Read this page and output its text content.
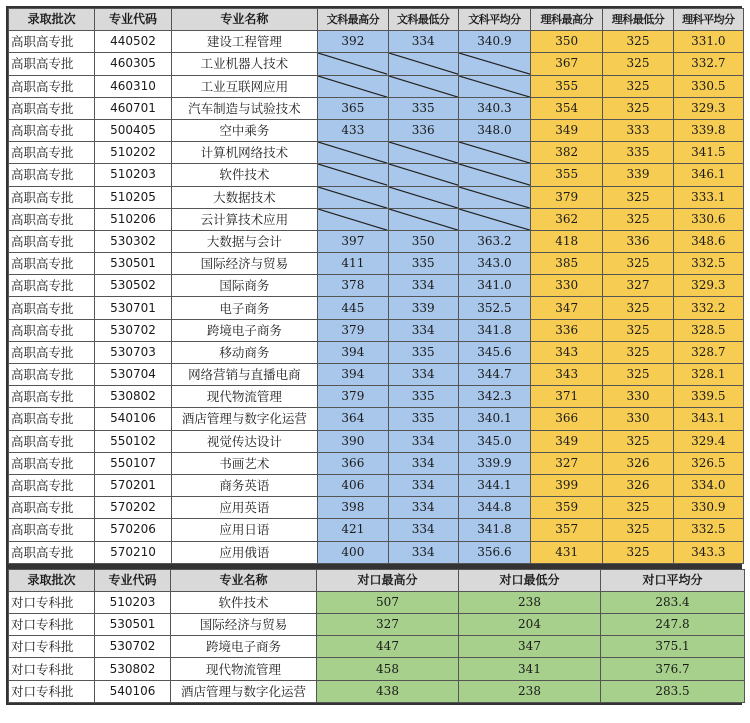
录取批次	专业代码	专业名称	文科最高分	文科最低分	文科平均分	理科最高分	理科最低分	理科平均分
高职高专批	440502	建设工程管理	392	334	340.9	350	325	331.0
高职高专批	460305	工业机器人技术				367	325	332.7
高职高专批	460310	工业互联网应用				355	325	330.5
高职高专批	460701	汽车制造与试验技术	365	335	340.3	354	325	329.3
高职高专批	500405	空中乘务	433	336	348.0	349	333	339.8
高职高专批	510202	计算机网络技术				382	335	341.5
高职高专批	510203	软件技术				355	339	346.1
高职高专批	510205	大数据技术				379	325	333.1
高职高专批	510206	云计算技术应用				362	325	330.6
高职高专批	530302	大数据与会计	397	350	363.2	418	336	348.6
高职高专批	530501	国际经济与贸易	411	335	343.0	385	325	332.5
高职高专批	530502	国际商务	378	334	341.0	330	327	329.3
高职高专批	530701	电子商务	445	339	352.5	347	325	332.2
高职高专批	530702	跨境电子商务	379	334	341.8	336	325	328.5
高职高专批	530703	移动商务	394	335	345.6	343	325	328.7
高职高专批	530704	网络营销与直播电商	394	334	344.7	343	325	328.1
高职高专批	530802	现代物流管理	379	335	342.3	371	330	339.5
高职高专批	540106	酒店管理与数字化运营	364	335	340.1	366	330	343.1
高职高专批	550102	视觉传达设计	390	334	345.0	349	325	329.4
高职高专批	550107	书画艺术	366	334	339.9	327	326	326.5
高职高专批	570201	商务英语	406	334	344.1	399	326	334.0
高职高专批	570202	应用英语	398	334	344.8	359	325	330.9
高职高专批	570206	应用日语	421	334	341.8	357	325	332.5
高职高专批	570210	应用俄语	400	334	356.6	431	325	343.3
录取批次	专业代码	专业名称	对口最高分	对口最低分	对口平均分
对口专科批	510203	软件技术	507	238	283.4
对口专科批	530501	国际经济与贸易	327	204	247.8
对口专科批	530702	跨境电子商务	447	347	375.1
对口专科批	530802	现代物流管理	458	341	376.7
对口专科批	540106	酒店管理与数字化运营	438	238	283.5
